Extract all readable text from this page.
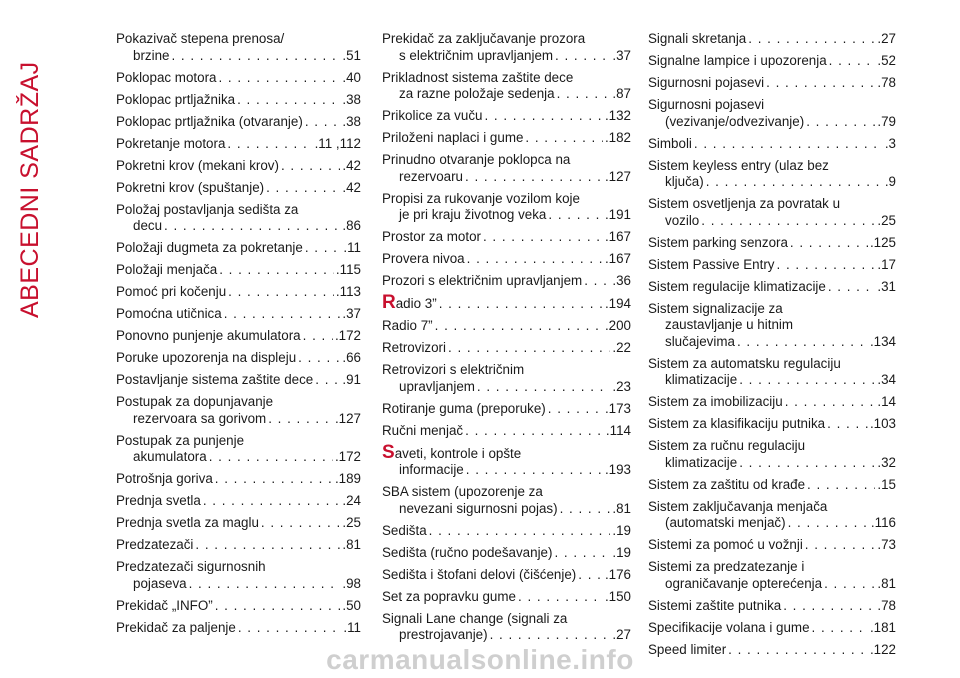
ABECEDNI SADRŽAJ
Pokazivač stepena prenosa/
brzine . . .	.51
Poklopac motora . . .	.40
Poklopac prtljažnika . . .	.38
Poklopac prtljažnika (otvaranje) . . .	.38
Pokretanje motora . . .	.11 ,112
Pokretni krov (mekani krov) . . .	.42
Pokretni krov (spuštanje) . . .	.42
Položaj postavljanja sedišta za
decu . . .	.86
Položaji dugmeta za pokretanje . . .	.11
Položaji menjača . . .	.115
Pomoć pri kočenju . . .	.113
Pomoćna utičnica . . .	.37
Ponovno punjenje akumulatora . . .	.172
Poruke upozorenja na displeju . . .	.66
Postavljanje sistema zaštite dece . . . .91
Postupak za dopunjavanje
rezervoara sa gorivom . . .	.127
Postupak za punjenje
akumulatora . . .	.172
Potrošnja goriva . . .	.189
Prednja svetla . . .	.24
Prednja svetla za maglu . . .	.25
Predzatezači . . .	.81
Predzatezači sigurnosnih
pojaseva . . .	.98
Prekidač „INFO” . . .	.50
Prekidač za paljenje . . .	.11
Prekidač za zaključavanje prozora
s električnim upravljanjem . . .	.37
Prikladnost sistema zaštite dece
za razne položaje sedenja . . .	.87
Prikolice za vuču . . .	.132
Priloženi naplaci i gume . . .	.182
Prinudno otvaranje poklopca na
rezervoaru . . .	.127
Propisi za rukovanje vozilom koje
je pri kraju životnog veka . . .	.191
Prostor za motor . . .	.167
Provera nivoa . . .	.167
Prozori s električnim upravljanjem . . . .36
Radio 3” . . .	.194
Radio 7” . . .	.200
Retrovizori . . .	.22
Retrovizori s električnim
upravljanjem . . .	.23
Rotiranje guma (preporuke) . . .	.173
Ručni menjač . . .	.114
Saveti, kontrole i opšte
informacije . . .	.193
SBA sistem (upozorenje za
nevezani sigurnosni pojas) . . .	.81
Sedišta . . .	.19
Sedišta (ručno podešavanje) . . .	.19
Sedišta i štofani delovi (čišćenje) . . . .176
Set za popravku gume . . .	.150
Signali Lane change (signali za
prestrojavanje) . . .	.27
Signali skretanja . . .	.27
Signalne lampice i upozorenja . . .	.52
Sigurnosni pojasevi . . .	.78
Sigurnosni pojasevi
(vezivanje/odvezivanje) . . .	.79
Simboli . . .	.3
Sistem keyless entry (ulaz bez
ključa) . . .	.9
Sistem osvetljenja za povratak u
vozilo . . .	.25
Sistem parking senzora . . .	.125
Sistem Passive Entry . . .	.17
Sistem regulacije klimatizacije . . .	.31
Sistem signalizacije za
zaustavljanje u hitnim
slučajevima . . .	.134
Sistem za automatsku regulaciju
klimatizacije . . .	.34
Sistem za imobilizaciju . . .	.14
Sistem za klasifikaciju putnika . . .	.103
Sistem za ručnu regulaciju
klimatizacije . . .	.32
Sistem za zaštitu od krađe . . .	.15
Sistem zaključavanja menjača
(automatski menjač) . . .	.116
Sistemi za pomoć u vožnji . . .	.73
Sistemi za predzatezanje i
ograničavanje opterećenja . . .	.81
Sistemi zaštite putnika . . .	.78
Specifikacije volana i gume . . .	.181
Speed limiter . . .	.122
carmanualsonline.info
